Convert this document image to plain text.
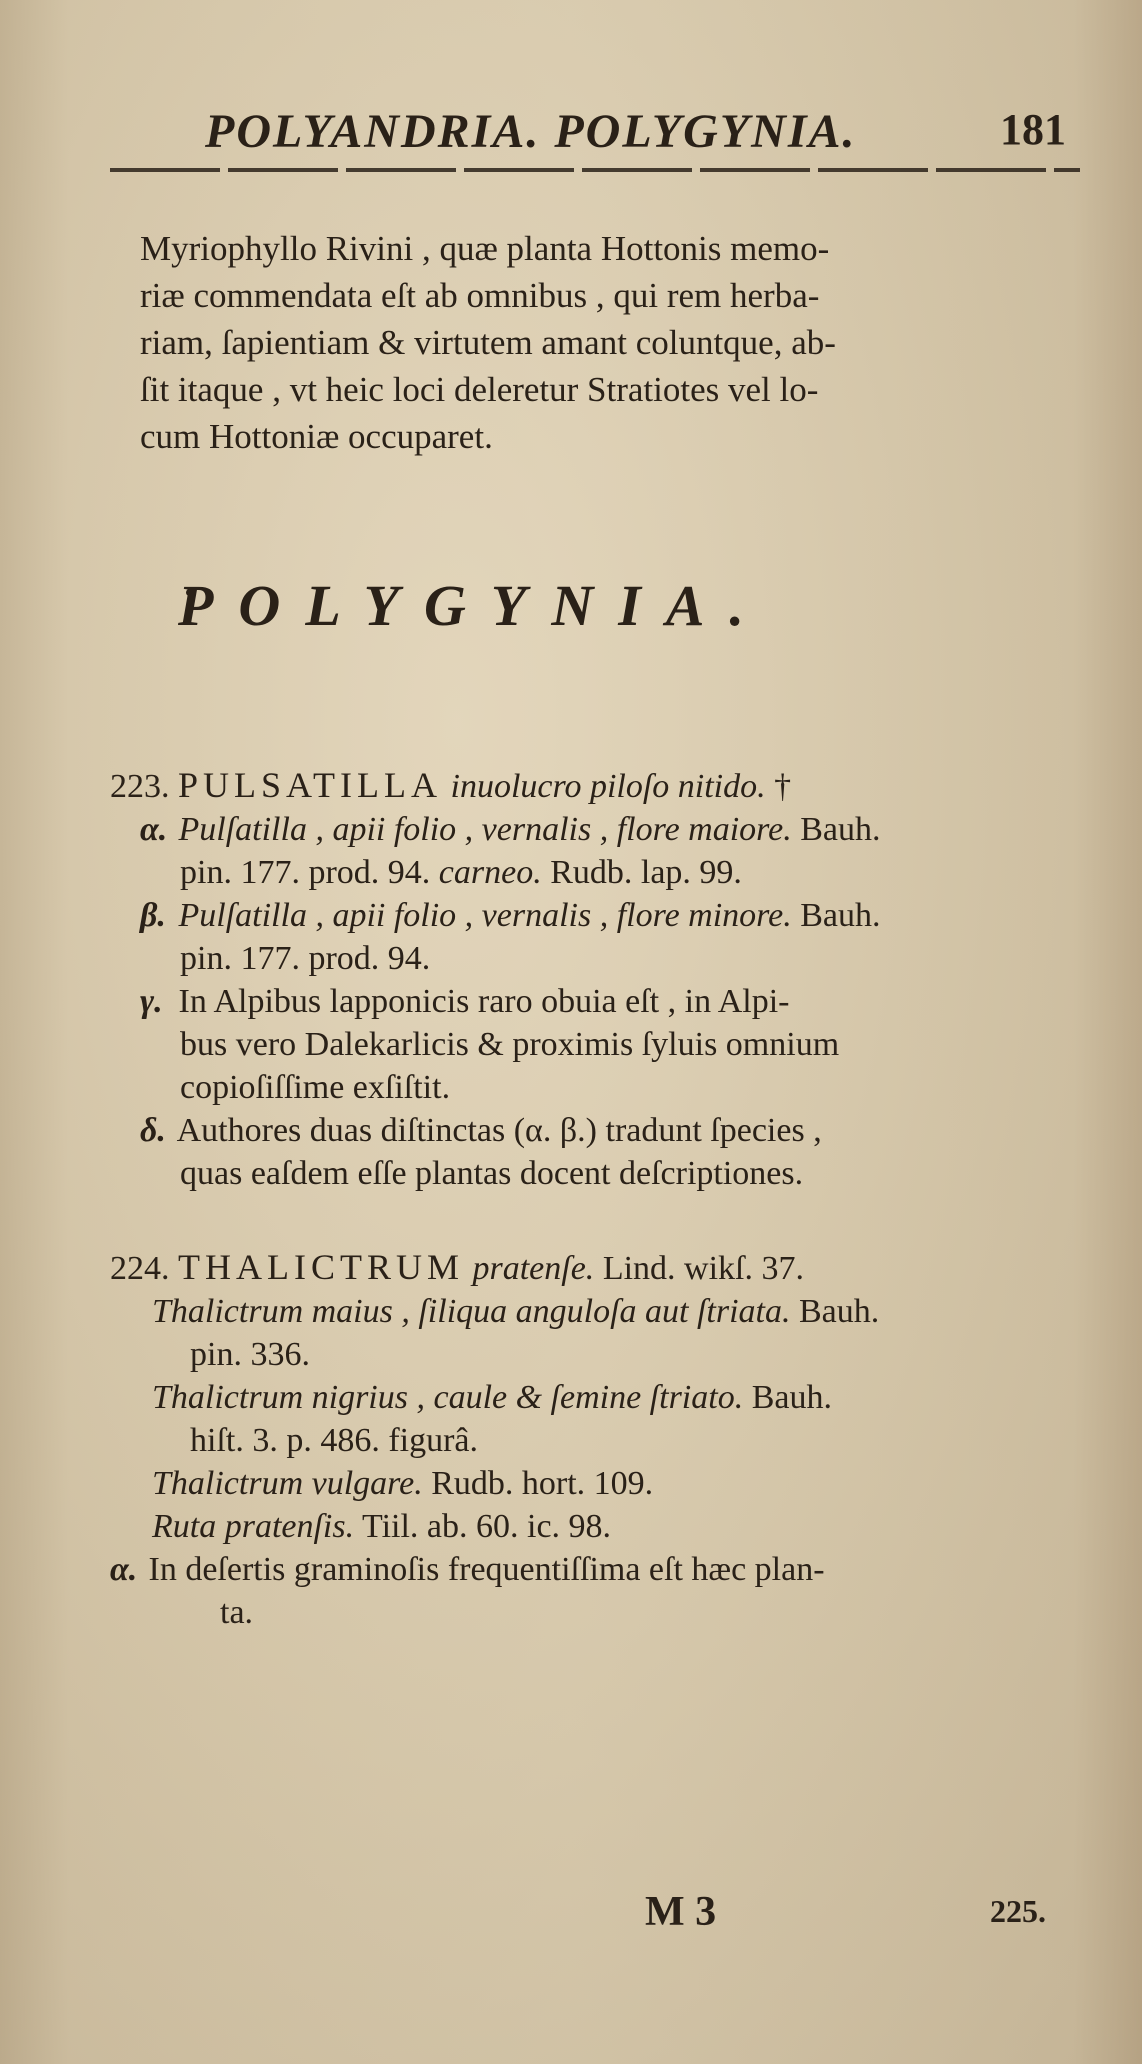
POLYANDRIA. POLYGYNIA.	181
Myriophyllo Rivini , quæ planta Hottonis memo-
riæ commendata eſt ab omnibus , qui rem herba-
riam, ſapientiam & virtutem amant coluntque, ab-
ſit itaque , vt heic loci deleretur Stratiotes vel lo-
cum Hottoniæ occuparet.
POLYGYNIA.
223. PULSATILLA inuolucro piloſo nitido. †
α. Pulſatilla , apii folio , vernalis , flore maiore. Bauh.
pin. 177. prod. 94. carneo. Rudb. lap. 99.
β. Pulſatilla , apii folio , vernalis , flore minore. Bauh.
pin. 177. prod. 94.
γ. In Alpibus lapponicis raro obuia eſt , in Alpi-
bus vero Dalekarlicis & proximis ſyluis omnium
copioſiſſime exſiſtit.
δ. Authores duas diſtinctas (α. β.) tradunt ſpecies ,
quas eaſdem eſſe plantas docent deſcriptiones.
224. THALICTRUM pratenſe. Lind. wikſ. 37.
Thalictrum maius , ſiliqua anguloſa aut ſtriata. Bauh.
pin. 336.
Thalictrum nigrius , caule & ſemine ſtriato. Bauh.
hiſt. 3. p. 486. figurâ.
Thalictrum vulgare. Rudb. hort. 109.
Ruta pratenſis. Tiil. ab. 60. ic. 98.
α. In deſertis graminoſis frequentiſſima eſt hæc plan-
ta.
M 3	225.
